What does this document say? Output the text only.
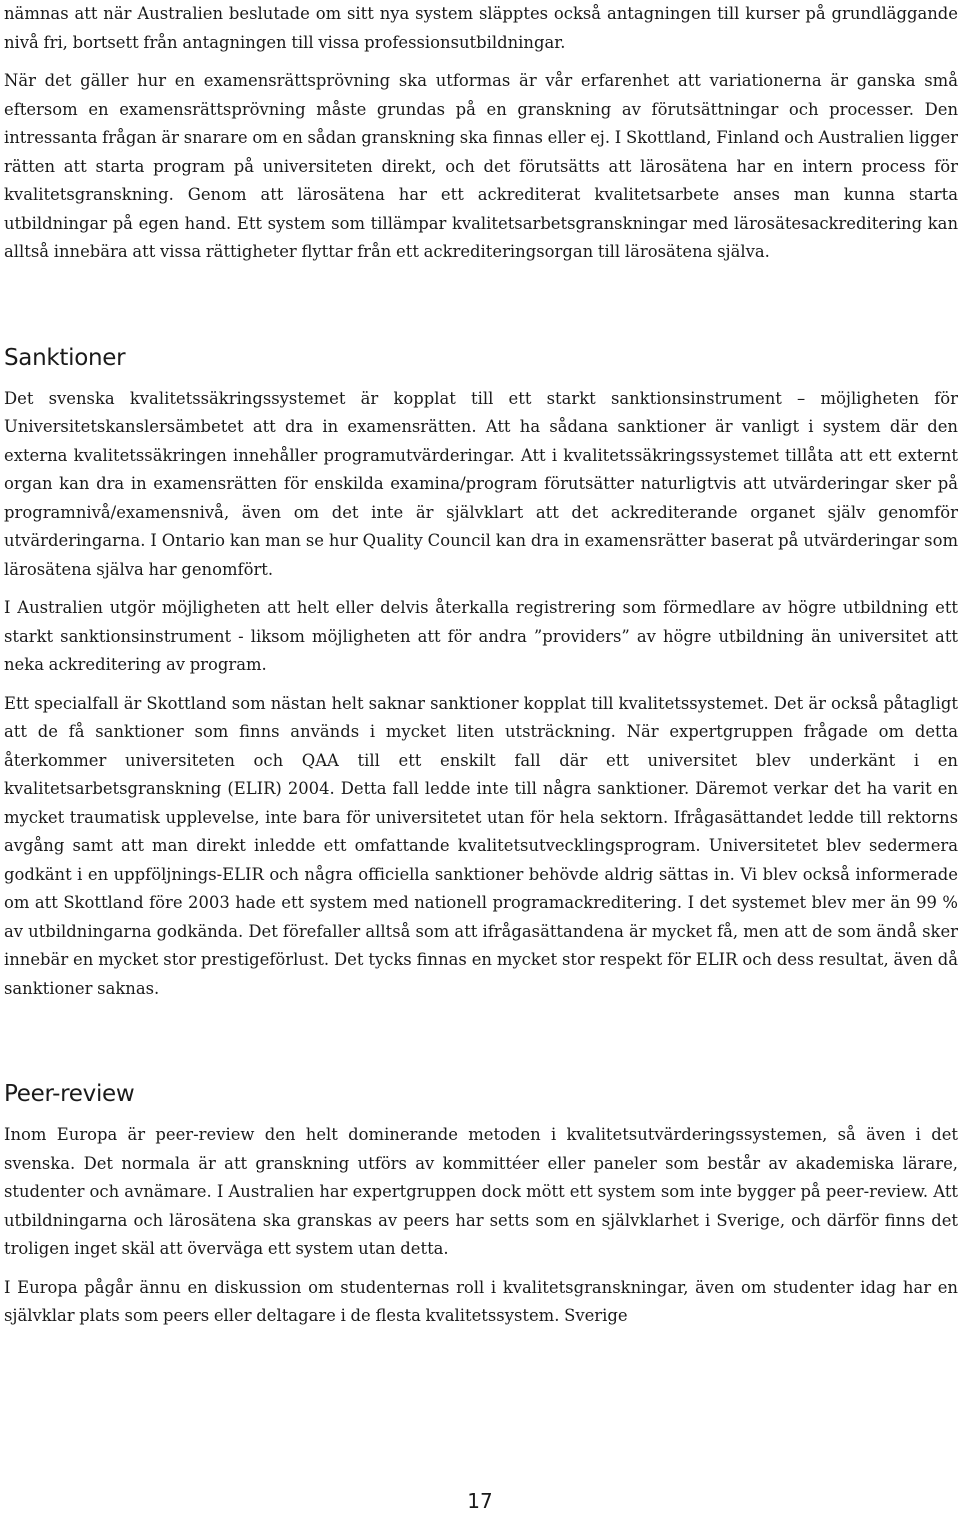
nämnas att när Australien beslutade om sitt nya system släpptes också antagningen till kurser på grundläggande nivå fri, bortsett från antagningen till vissa professionsutbildningar.

När det gäller hur en examensrättsprövning ska utformas är vår erfarenhet att variationerna är ganska små eftersom en examensrättsprövning måste grundas på en granskning av förutsättningar och processer. Den intressanta frågan är snarare om en sådan granskning ska finnas eller ej. I Skottland, Finland och Australien ligger rätten att starta program på universiteten direkt, och det förutsätts att lärosätena har en intern process för kvalitetsgranskning. Genom att lärosätena har ett ackrediterat kvalitetsarbete anses man kunna starta utbildningar på egen hand. Ett system som tillämpar kvalitetsarbetsgranskningar med lärosätesackreditering kan alltså innebära att vissa rättigheter flyttar från ett ackrediteringsorgan till lärosätena själva.

Sanktioner

Det svenska kvalitetssäkringssystemet är kopplat till ett starkt sanktionsinstrument – möjligheten för Universitetskanslersämbetet att dra in examensrätten. Att ha sådana sanktioner är vanligt i system där den externa kvalitetssäkringen innehåller programutvärderingar. Att i kvalitetssäkringssystemet tillåta att ett externt organ kan dra in examensrätten för enskilda examina/program förutsätter naturligtvis att utvärderingar sker på programnivå/examensnivå, även om det inte är självklart att det ackrediterande organet själv genomför utvärderingarna. I Ontario kan man se hur Quality Council kan dra in examensrätter baserat på utvärderingar som lärosätena själva har genomfört.

I Australien utgör möjligheten att helt eller delvis återkalla registrering som förmedlare av högre utbildning ett starkt sanktionsinstrument - liksom möjligheten att för andra ”providers” av högre utbildning än universitet att neka ackreditering av program.

Ett specialfall är Skottland som nästan helt saknar sanktioner kopplat till kvalitetssystemet. Det är också påtagligt att de få sanktioner som finns används i mycket liten utsträckning. När expertgruppen frågade om detta återkommer universiteten och QAA till ett enskilt fall där ett universitet blev underkänt i en kvalitetsarbetsgranskning (ELIR) 2004. Detta fall ledde inte till några sanktioner. Däremot verkar det ha varit en mycket traumatisk upplevelse, inte bara för universitetet utan för hela sektorn. Ifrågasättandet ledde till rektorns avgång samt att man direkt inledde ett omfattande kvalitetsutvecklingsprogram. Universitetet blev sedermera godkänt i en uppföljnings-ELIR och några officiella sanktioner behövde aldrig sättas in. Vi blev också informerade om att Skottland före 2003 hade ett system med nationell programackreditering. I det systemet blev mer än 99 % av utbildningarna godkända. Det förefaller alltså som att ifrågasättandena är mycket få, men att de som ändå sker innebär en mycket stor prestigeförlust. Det tycks finnas en mycket stor respekt för ELIR och dess resultat, även då sanktioner saknas.

Peer-review

Inom Europa är peer-review den helt dominerande metoden i kvalitetsutvärderingssystemen, så även i det svenska. Det normala är att granskning utförs av kommittéer eller paneler som består av akademiska lärare, studenter och avnämare. I Australien har expertgruppen dock mött ett system som inte bygger på peer-review. Att utbildningarna och lärosätena ska granskas av peers har setts som en självklarhet i Sverige, och därför finns det troligen inget skäl att överväga ett system utan detta.

I Europa pågår ännu en diskussion om studenternas roll i kvalitetsgranskningar, även om studenter idag har en självklar plats som peers eller deltagare i de flesta kvalitetssystem. Sverige

17
